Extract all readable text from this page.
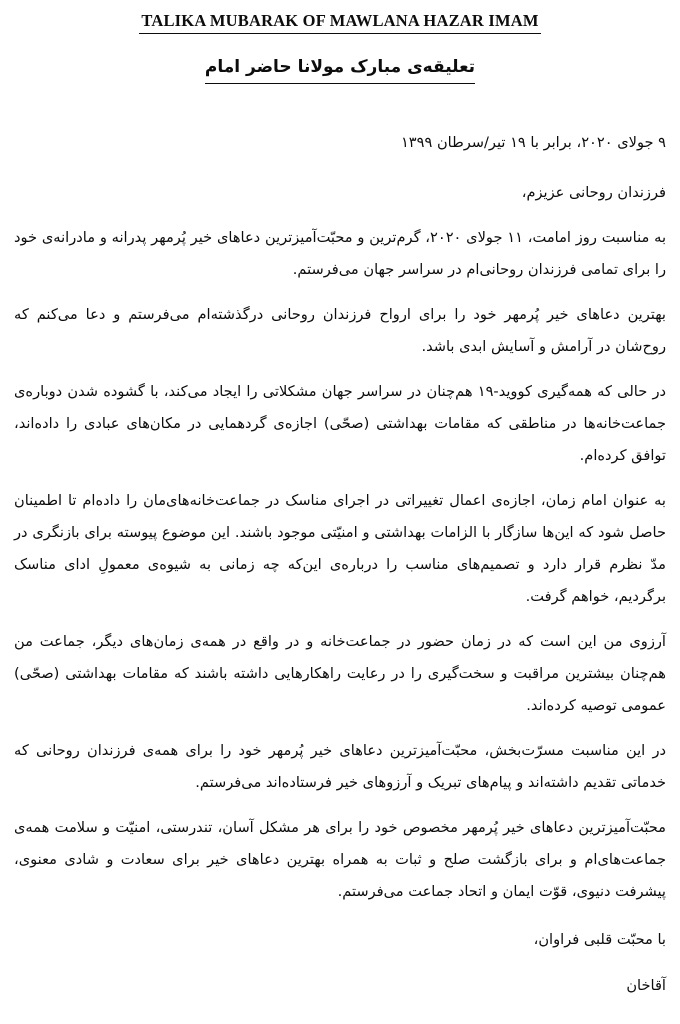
TALIKA MUBARAK OF MAWLANA HAZAR IMAM
تعلیقه‌ی مبارک مولانا حاضر امام

۹ جولای ۲۰۲۰، برابر با ۱۹ تیر/سرطان ۱۳۹۹

فرزندان روحانی عزیزم،

به مناسبت روز امامت، ۱۱ جولای ۲۰۲۰، گرم‌ترین و محبّت‌آمیزترین دعاهای خیر پُرمهر پدرانه و مادرانه‌ی خود را برای تمامی فرزندان روحانی‌ام در سراسر جهان می‌فرستم.

بهترین دعاهای خیر پُرمهر خود را برای ارواح فرزندان روحانی درگذشته‌ام می‌فرستم و دعا می‌کنم که روح‌شان در آرامش و آسایش ابدی باشد.

در حالی که همه‌گیری کووید-۱۹ هم‌چنان در سراسر جهان مشکلاتی را ایجاد می‌کند، با گشوده شدن دوباره‌ی جماعت‌خانه‌ها در مناطقی که مقامات بهداشتی (صحّی) اجازه‌ی گردهمایی در مکان‌های عبادی را داده‌اند، توافق کرده‌ام.

به عنوان امام زمان، اجازه‌ی اعمال تغییراتی در اجرای مناسک در جماعت‌خانه‌های‌مان را داده‌ام تا اطمینان حاصل شود که این‌ها سازگار با الزامات بهداشتی و امنیّتی موجود باشند. این موضوع پیوسته برای بازنگری در مدّ نظرم قرار دارد و تصمیم‌های مناسب را درباره‌ی این‌که چه زمانی به شیوه‌ی معمولِ ادای مناسک برگردیم، خواهم گرفت.

آرزوی من این است که در زمان حضور در جماعت‌خانه و در واقع در همه‌ی زمان‌های دیگر، جماعت من هم‌چنان بیشترین مراقبت و سخت‌گیری را در رعایت راهکارهایی داشته باشند که مقامات بهداشتی (صحّی) عمومی توصیه کرده‌اند.

در این مناسبت مسرّت‌بخش، محبّت‌آمیزترین دعاهای خیر پُرمهر خود را برای همه‌ی فرزندان روحانی که خدماتی تقدیم داشته‌اند و پیام‌های تبریک و آرزوهای خیر فرستاده‌اند می‌فرستم.

محبّت‌آمیزترین دعاهای خیر پُرمهر مخصوص خود را برای هر مشکل آسان، تندرستی، امنیّت و سلامت همه‌ی جماعت‌های‌ام و برای بازگشت صلح و ثبات به همراه بهترین دعاهای خیر برای سعادت و شادی معنوی، پیشرفت دنیوی، قوّت ایمان و اتحاد جماعت می‌فرستم.

با محبّت قلبی فراوان،

آقاخان
